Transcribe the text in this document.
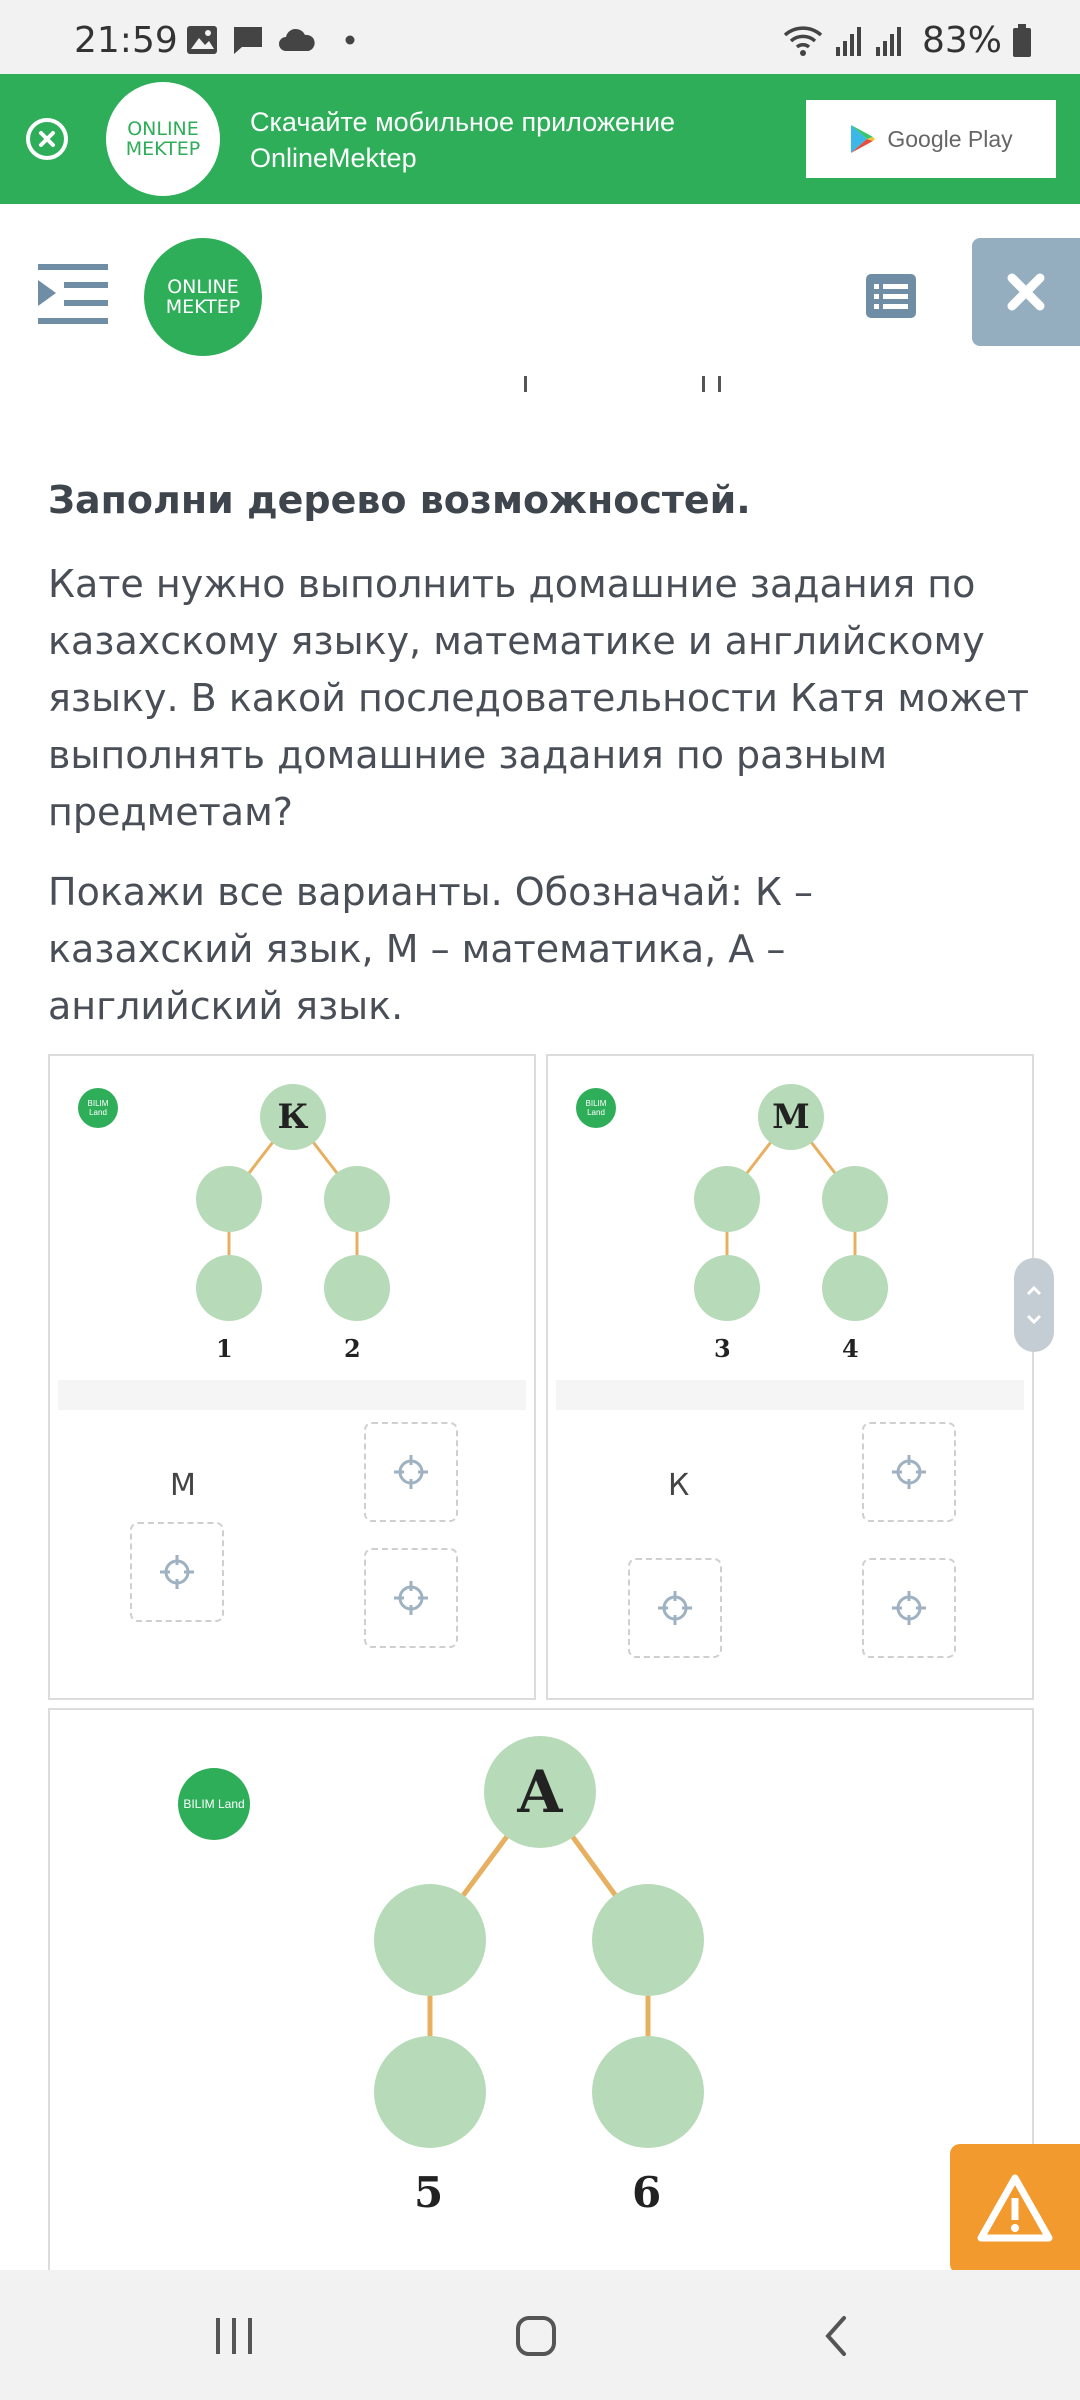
21:59	83%
ONLINE
MEKTEP
Скачайте мобильное приложение
OnlineMektep
Google Play
ONLINE
MEKTEP
Заполни дерево возможностей.
Кате нужно выполнить домашние задания по
казахскому языку, математике и английскому
языку. В какой последовательности Катя может
выполнять домашние задания по разным
предметам?
Покажи все варианты. Обозначай: К –
казахский язык, М – математика, А –
английский язык.
BILIM Land	К
1	2
М
BILIM Land	М
3	4
К
BILIM Land	А
5	6
